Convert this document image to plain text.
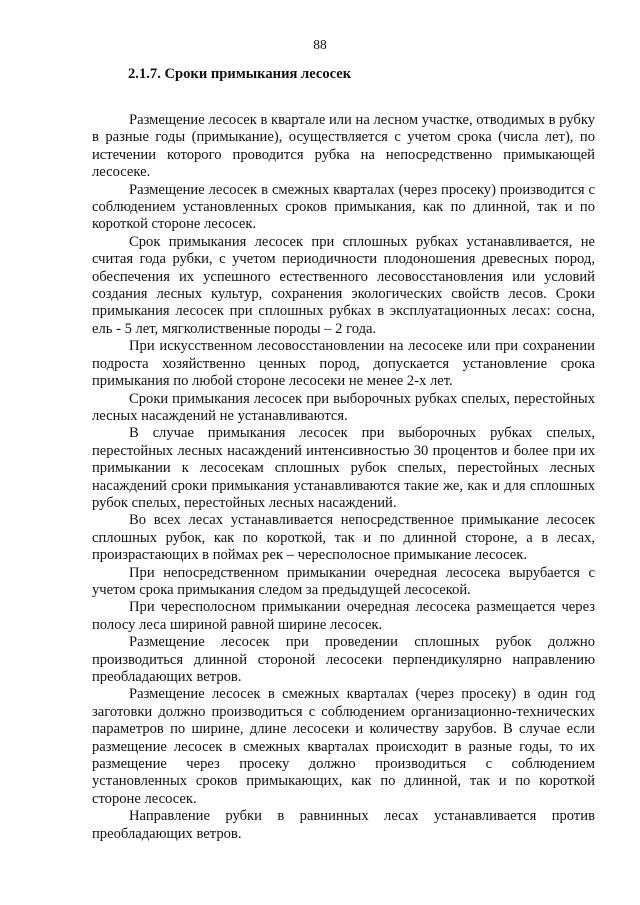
88
2.1.7. Сроки примыкания лесосек

Размещение лесосек в квартале или на лесном участке, отводимых в рубку в разные годы (примыкание), осуществляется с учетом срока (числа лет), по истечении которого проводится рубка на непосредственно примыкающей лесосеке.

Размещение лесосек в смежных кварталах (через просеку) производится с соблюдением установленных сроков примыкания, как по длинной, так и по короткой стороне лесосек.

Срок примыкания лесосек при сплошных рубках устанавливается, не считая года рубки, с учетом периодичности плодоношения древесных пород, обеспечения их успешного естественного лесовосстановления или условий создания лесных культур, сохранения экологических свойств лесов. Сроки примыкания лесосек при сплошных рубках в эксплуатационных лесах: сосна, ель - 5 лет, мягколиственные породы – 2 года.

При искусственном лесовосстановлении на лесосеке или при сохранении подроста хозяйственно ценных пород, допускается установление срока примыкания по любой стороне лесосеки не менее 2-х лет.

Сроки примыкания лесосек при выборочных рубках спелых, перестойных лесных насаждений не устанавливаются.

В случае примыкания лесосек при выборочных рубках спелых, перестойных лесных насаждений интенсивностью 30 процентов и более при их примыкании к лесосекам сплошных рубок спелых, перестойных лесных насаждений сроки примыкания устанавливаются такие же, как и для сплошных рубок спелых, перестойных лесных насаждений.

Во всех лесах устанавливается непосредственное примыкание лесосек сплошных рубок, как по короткой, так и по длинной стороне, а в лесах, произрастающих в поймах рек – чересполосное примыкание лесосек.

При непосредственном примыкании очередная лесосека вырубается с учетом срока примыкания следом за предыдущей лесосекой.

При чересполосном примыкании очередная лесосека размещается через полосу леса шириной равной ширине лесосек.

Размещение лесосек при проведении сплошных рубок должно производиться длинной стороной лесосеки перпендикулярно направлению преобладающих ветров.

Размещение лесосек в смежных кварталах (через просеку) в один год заготовки должно производиться с соблюдением организационно-технических параметров по ширине, длине лесосеки и количеству зарубов. В случае если размещение лесосек в смежных кварталах происходит в разные годы, то их размещение через просеку должно производиться с соблюдением установленных сроков примыкающих, как по длинной, так и по короткой стороне лесосек.

Направление рубки в равнинных лесах устанавливается против преобладающих ветров.
